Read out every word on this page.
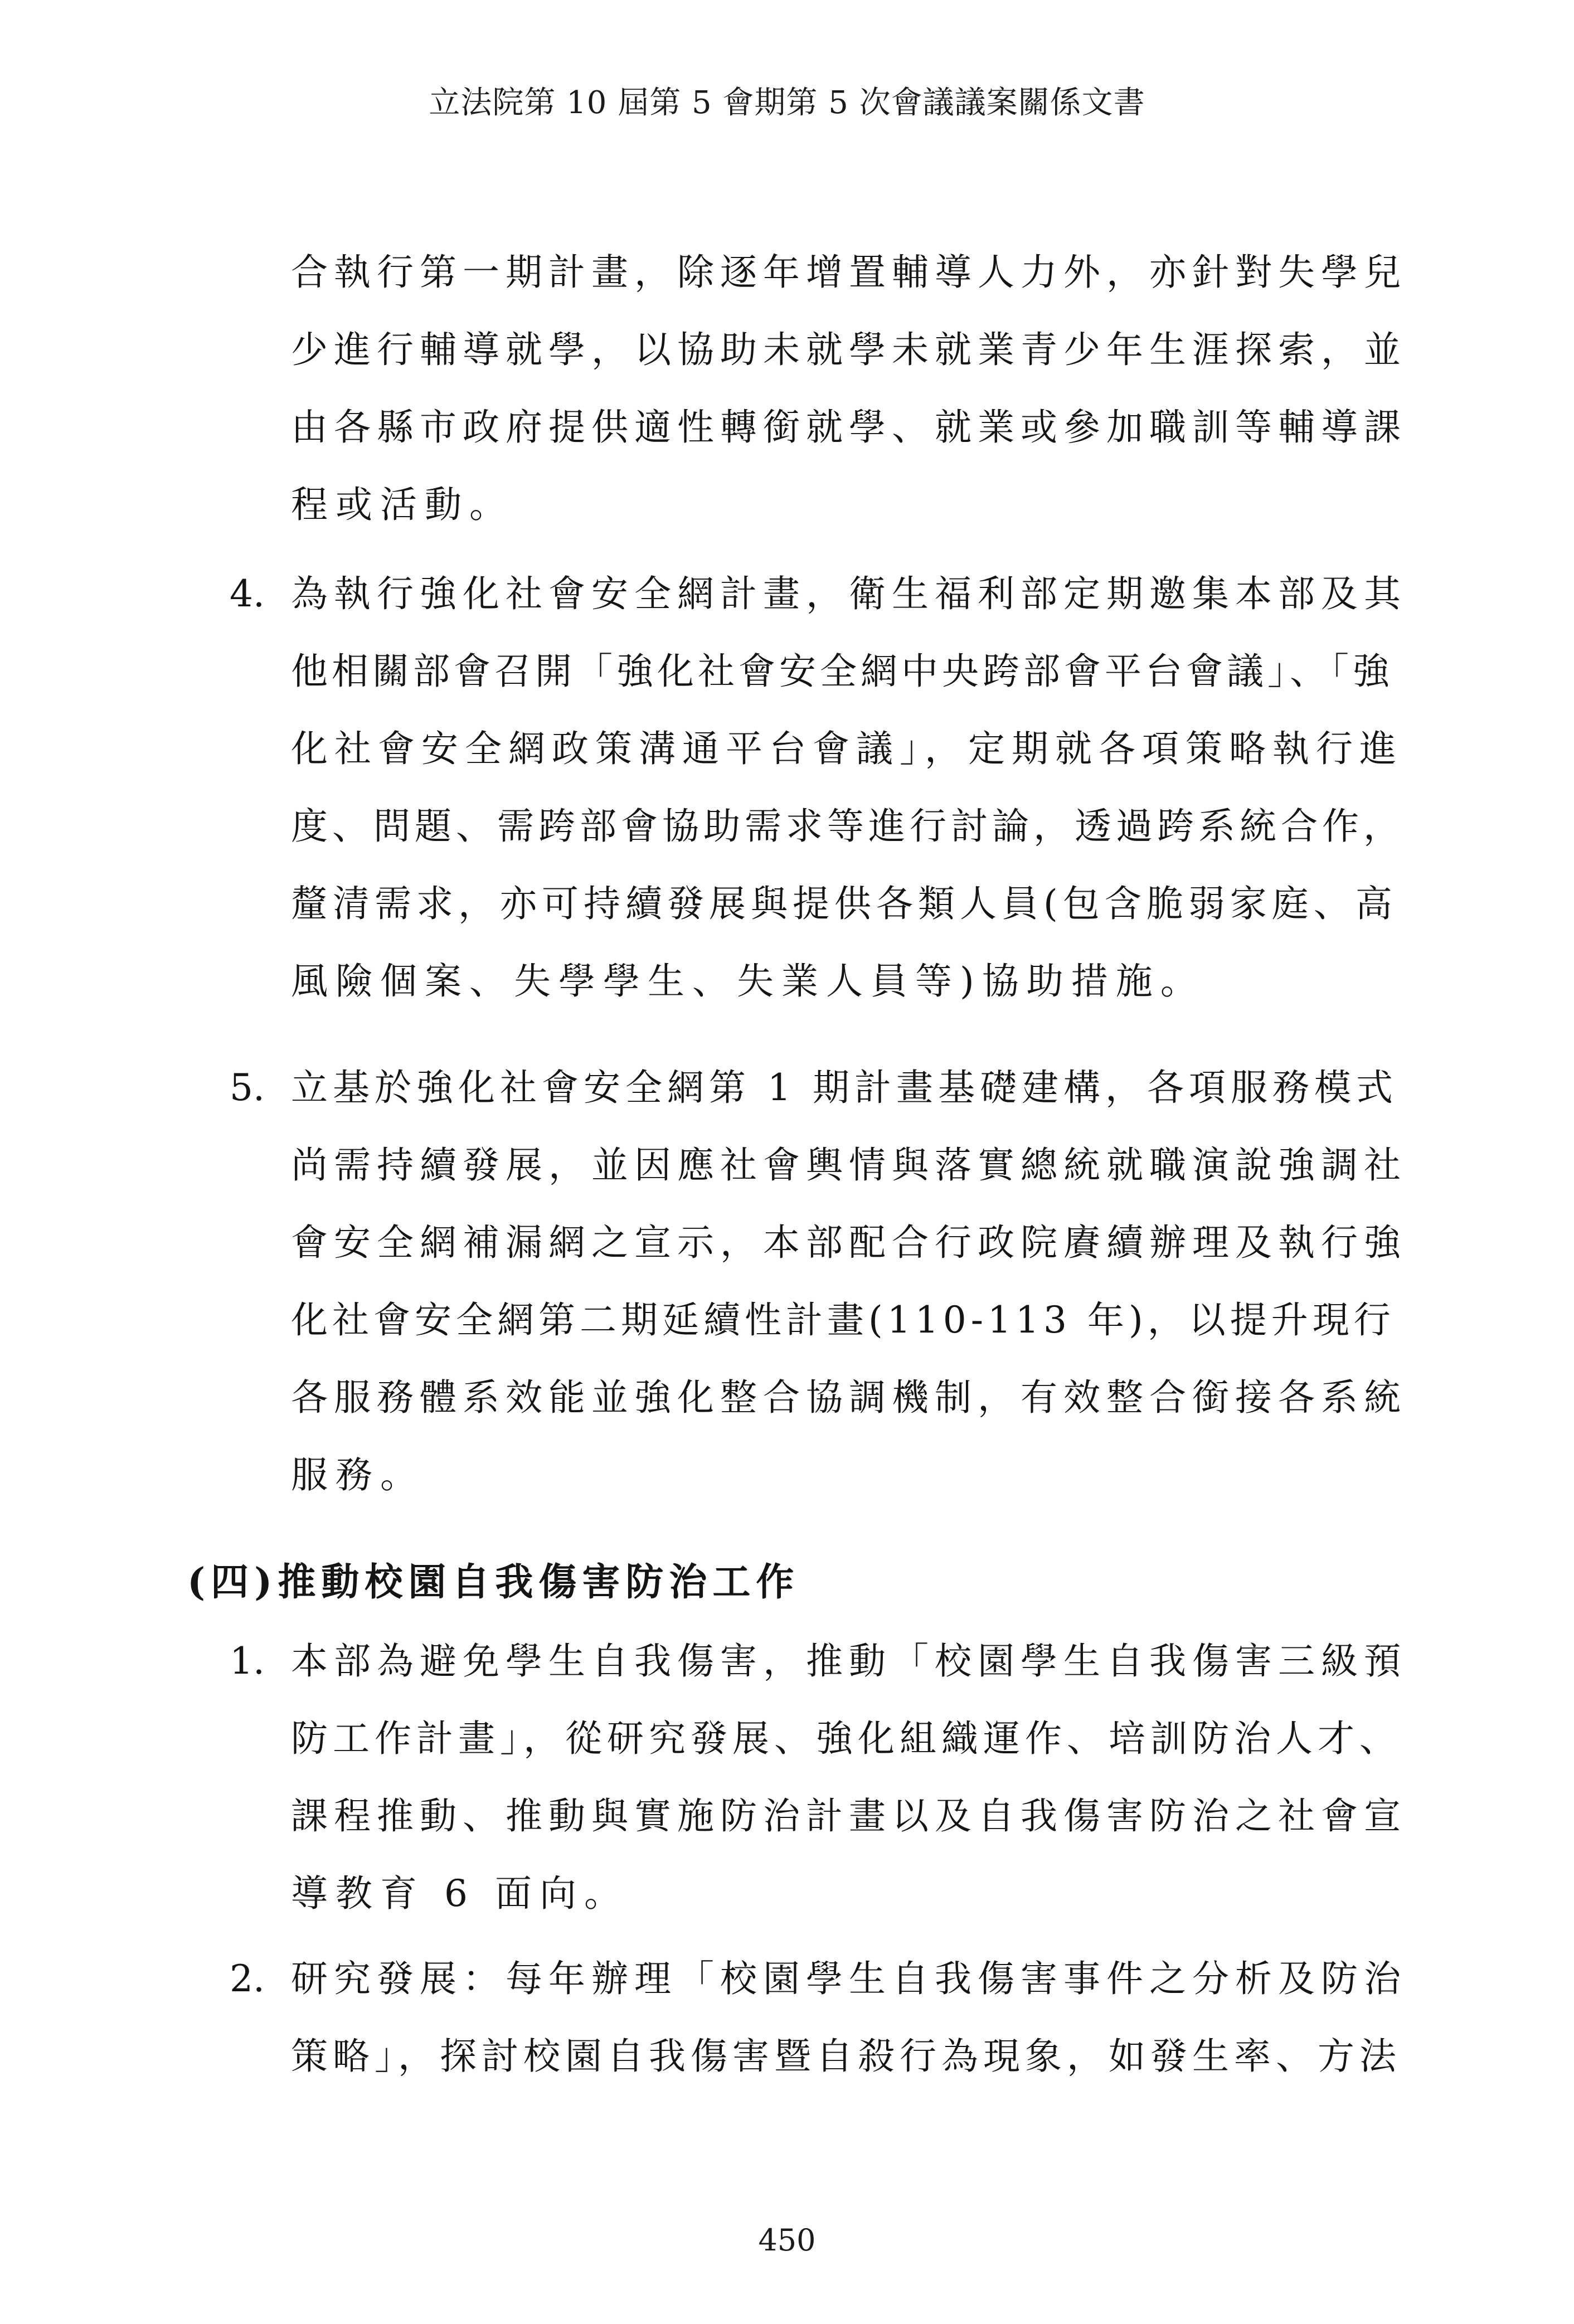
立法院第 10 屆第 5 會期第 5 次會議議案關係文書
合執行第一期計畫，除逐年增置輔導人力外，亦針對失學兒
少進行輔導就學，以協助未就學未就業青少年生涯探索，並
由各縣市政府提供適性轉銜就學、就業或參加職訓等輔導課
程或活動。
4. 為執行強化社會安全網計畫，衛生福利部定期邀集本部及其
他相關部會召開「強化社會安全網中央跨部會平台會議」、「強
化社會安全網政策溝通平台會議」，定期就各項策略執行進
度、問題、需跨部會協助需求等進行討論，透過跨系統合作，
釐清需求，亦可持續發展與提供各類人員(包含脆弱家庭、高
風險個案、失學學生、失業人員等)協助措施。
5. 立基於強化社會安全網第 1 期計畫基礎建構，各項服務模式
尚需持續發展，並因應社會輿情與落實總統就職演說強調社
會安全網補漏網之宣示，本部配合行政院賡續辦理及執行強
化社會安全網第二期延續性計畫(110-113 年)，以提升現行
各服務體系效能並強化整合協調機制，有效整合銜接各系統
服務。
(四)推動校園自我傷害防治工作
1. 本部為避免學生自我傷害，推動「校園學生自我傷害三級預
防工作計畫」，從研究發展、強化組織運作、培訓防治人才、
課程推動、推動與實施防治計畫以及自我傷害防治之社會宣
導教育 6 面向。
2. 研究發展：每年辦理「校園學生自我傷害事件之分析及防治
策略」，探討校園自我傷害暨自殺行為現象，如發生率、方法
450
